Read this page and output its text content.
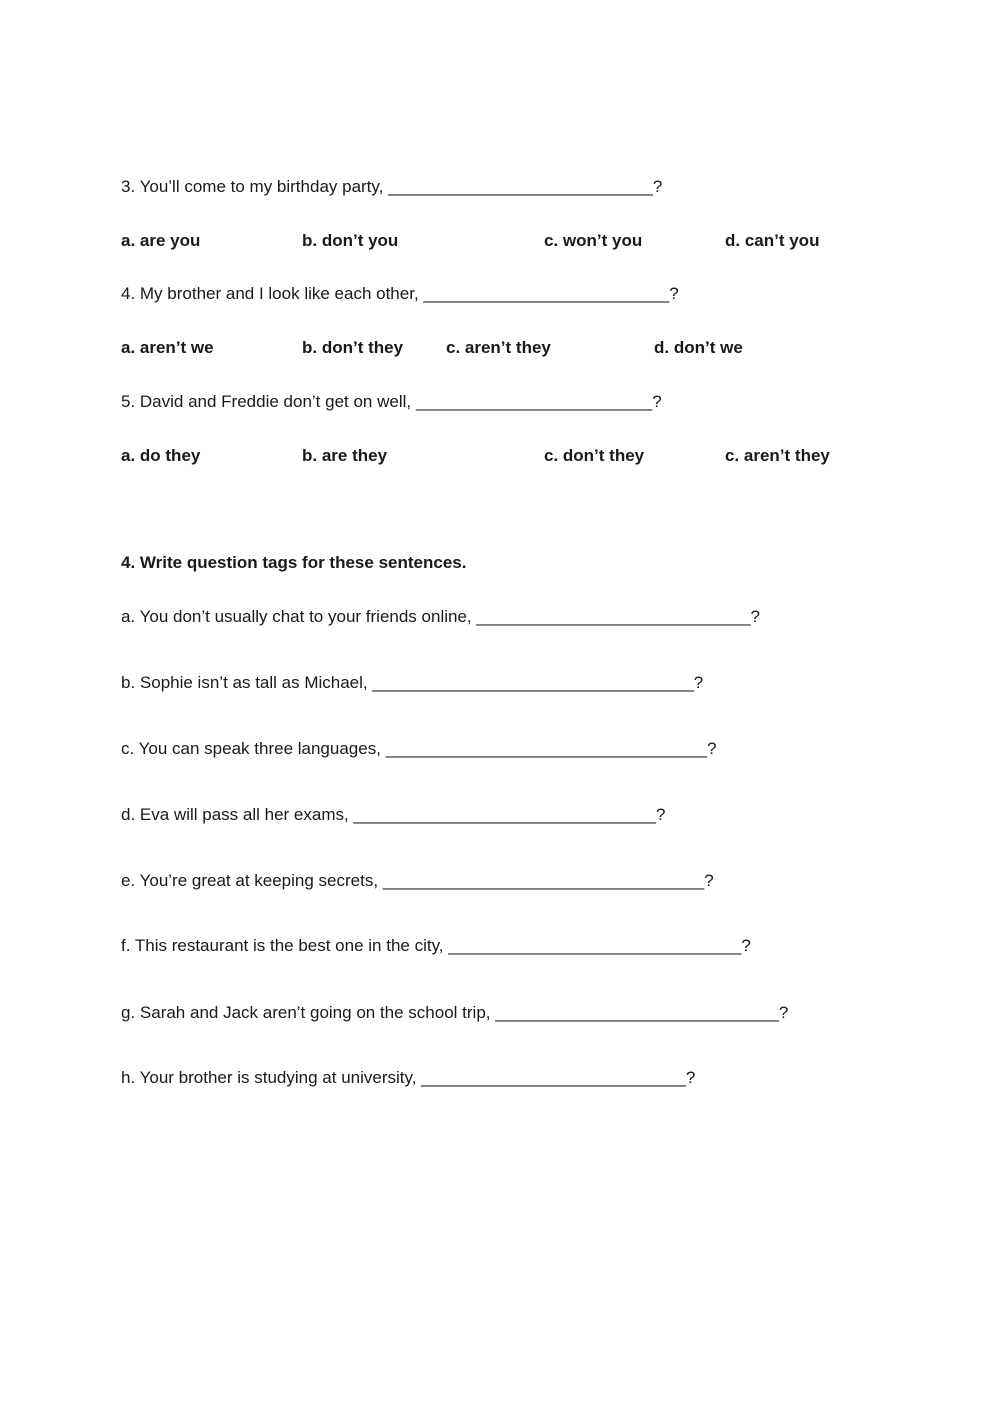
3. You’ll come to my birthday party, ____________________________?
a. are you	b. don’t you	c. won’t you	d. can’t you
4. My brother and I look like each other, __________________________?
a. aren’t we	b. don’t they	c. aren’t they	d. don’t we
5. David and Freddie don’t get on well, _________________________?
a. do they	b. are they	c. don’t they	c. aren’t they
4. Write question tags for these sentences.
a. You don’t usually chat to your friends online, _____________________________?
b. Sophie isn’t as tall as Michael, __________________________________?
c. You can speak three languages, __________________________________?
d. Eva will pass all her exams, ________________________________?
e. You’re great at keeping secrets, __________________________________?
f. This restaurant is the best one in the city, _______________________________?
g. Sarah and Jack aren’t going on the school trip, ______________________________?
h. Your brother is studying at university, ____________________________?
